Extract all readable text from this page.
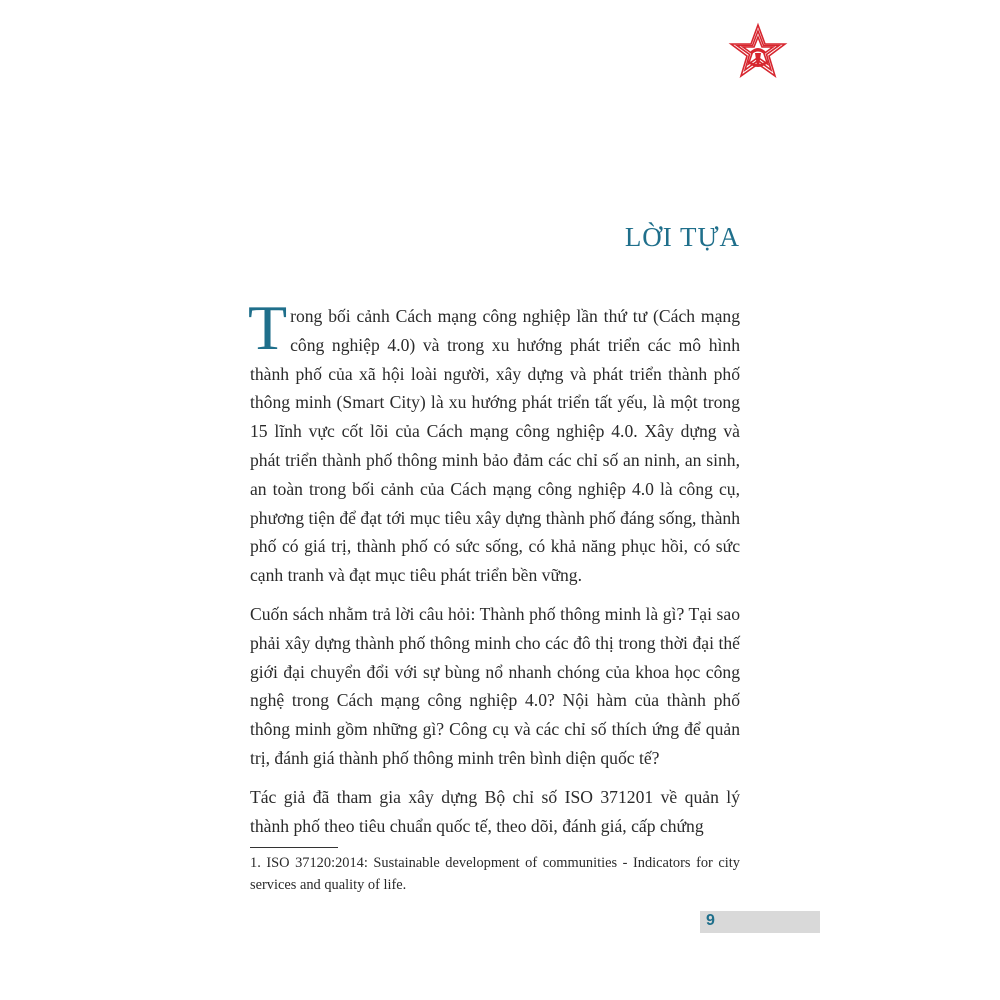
LỜI TỰA

Trong bối cảnh Cách mạng công nghiệp lần thứ tư (Cách mạng công nghiệp 4.0) và trong xu hướng phát triển các mô hình thành phố của xã hội loài người, xây dựng và phát triển thành phố thông minh (Smart City) là xu hướng phát triển tất yếu, là một trong 15 lĩnh vực cốt lõi của Cách mạng công nghiệp 4.0. Xây dựng và phát triển thành phố thông minh bảo đảm các chỉ số an ninh, an sinh, an toàn trong bối cảnh của Cách mạng công nghiệp 4.0 là công cụ, phương tiện để đạt tới mục tiêu xây dựng thành phố đáng sống, thành phố có giá trị, thành phố có sức sống, có khả năng phục hồi, có sức cạnh tranh và đạt mục tiêu phát triển bền vững.

Cuốn sách nhằm trả lời câu hỏi: Thành phố thông minh là gì? Tại sao phải xây dựng thành phố thông minh cho các đô thị trong thời đại thế giới đại chuyển đổi với sự bùng nổ nhanh chóng của khoa học công nghệ trong Cách mạng công nghiệp 4.0? Nội hàm của thành phố thông minh gồm những gì? Công cụ và các chỉ số thích ứng để quản trị, đánh giá thành phố thông minh trên bình diện quốc tế?

Tác giả đã tham gia xây dựng Bộ chỉ số ISO 371201 về quản lý thành phố theo tiêu chuẩn quốc tế, theo dõi, đánh giá, cấp chứng

1. ISO 37120:2014: Sustainable development of communities - Indicators for city services and quality of life.

9
